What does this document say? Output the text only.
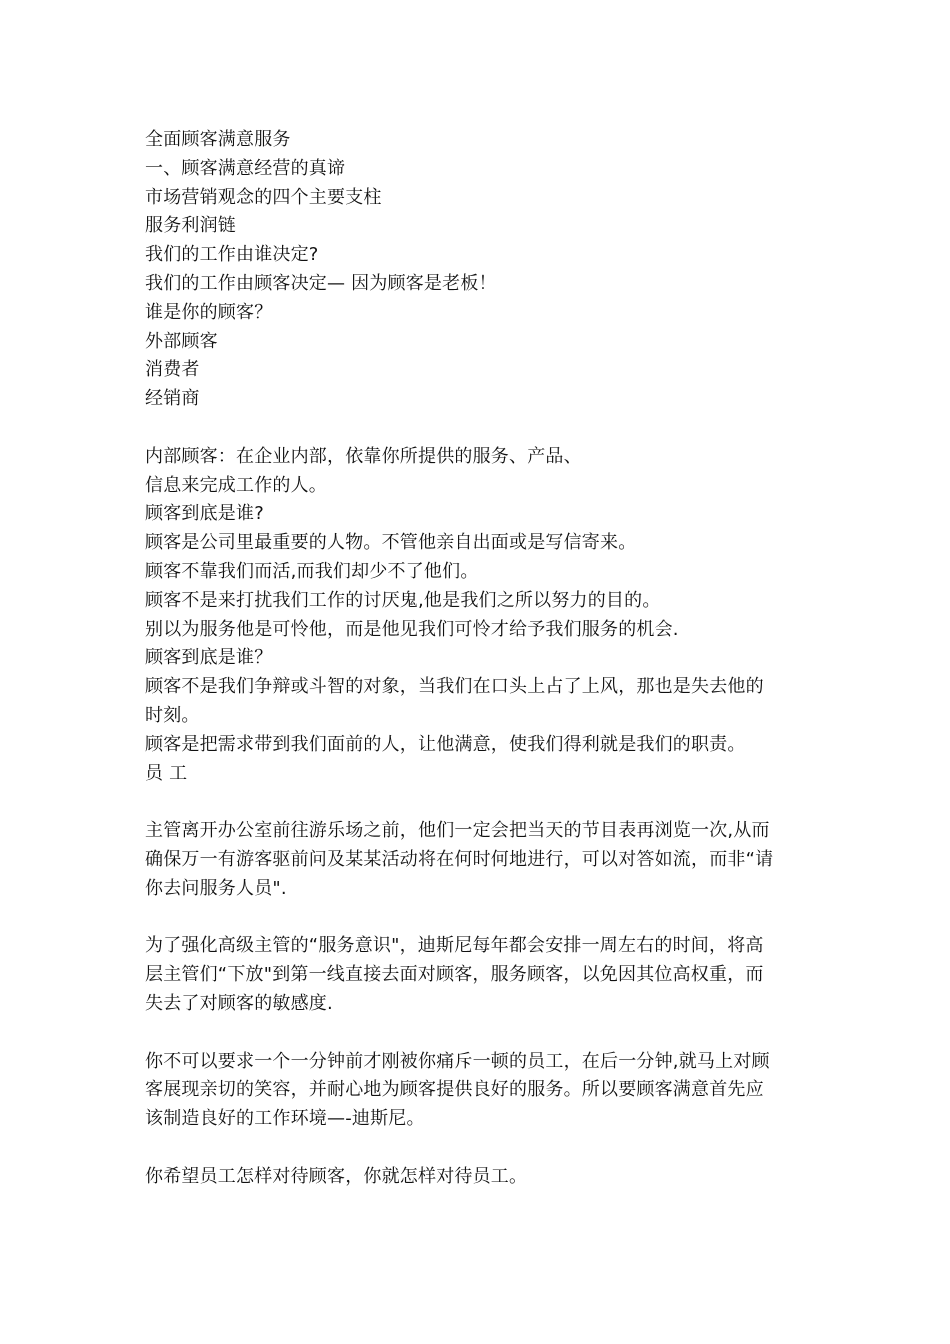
全面顾客满意服务
一、顾客满意经营的真谛
市场营销观念的四个主要支柱
服务利润链
我们的工作由谁决定?
我们的工作由顾客决定— 因为顾客是老板！
谁是你的顾客？
外部顾客
消费者
经销商
内部顾客：在企业内部，依靠你所提供的服务、产品、
信息来完成工作的人。
顾客到底是谁?
顾客是公司里最重要的人物。不管他亲自出面或是写信寄来。
顾客不靠我们而活,而我们却少不了他们。
顾客不是来打扰我们工作的讨厌鬼,他是我们之所以努力的目的。
别以为服务他是可怜他，而是他见我们可怜才给予我们服务的机会.
顾客到底是谁？
顾客不是我们争辩或斗智的对象，当我们在口头上占了上风，那也是失去他的
时刻。
顾客是把需求带到我们面前的人，让他满意，使我们得利就是我们的职责。
员 工
主管离开办公室前往游乐场之前，他们一定会把当天的节目表再浏览一次,从而
确保万一有游客驱前问及某某活动将在何时何地进行，可以对答如流，而非“请
你去问服务人员".
为了强化高级主管的“服务意识"，迪斯尼每年都会安排一周左右的时间，将高
层主管们“下放"到第一线直接去面对顾客，服务顾客，以免因其位高权重，而
失去了对顾客的敏感度.
你不可以要求一个一分钟前才刚被你痛斥一顿的员工，在后一分钟,就马上对顾
客展现亲切的笑容，并耐心地为顾客提供良好的服务。所以要顾客满意首先应
该制造良好的工作环境—-迪斯尼。
你希望员工怎样对待顾客，你就怎样对待员工。
